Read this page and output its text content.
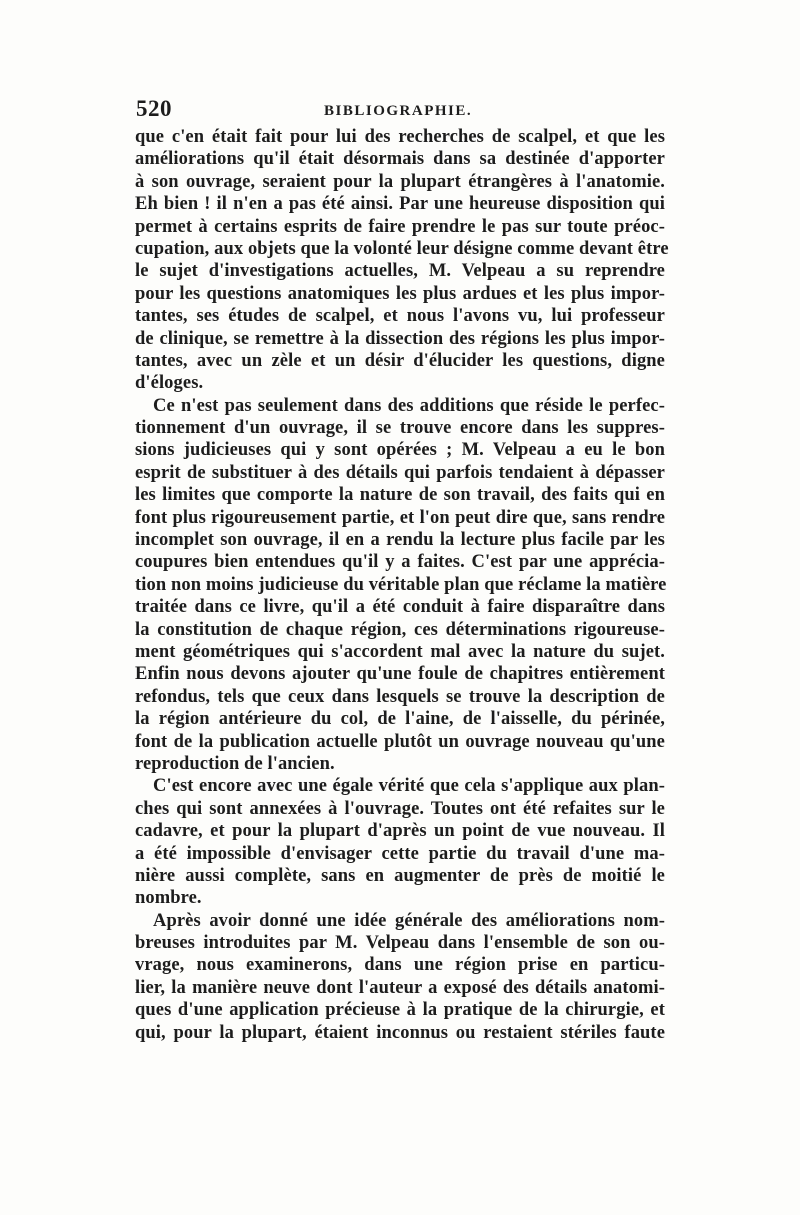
520	BIBLIOGRAPHIE.
que c'en était fait pour lui des recherches de scalpel, et que les
améliorations qu'il était désormais dans sa destinée d'apporter
à son ouvrage, seraient pour la plupart étrangères à l'anatomie.
Eh bien ! il n'en a pas été ainsi. Par une heureuse disposition qui
permet à certains esprits de faire prendre le pas sur toute préoc-
cupation, aux objets que la volonté leur désigne comme devant être
le sujet d'investigations actuelles, M. Velpeau a su reprendre
pour les questions anatomiques les plus ardues et les plus impor-
tantes, ses études de scalpel, et nous l'avons vu, lui professeur
de clinique, se remettre à la dissection des régions les plus impor-
tantes, avec un zèle et un désir d'élucider les questions, digne
d'éloges.
Ce n'est pas seulement dans des additions que réside le perfec-
tionnement d'un ouvrage, il se trouve encore dans les suppres-
sions judicieuses qui y sont opérées ; M. Velpeau a eu le bon
esprit de substituer à des détails qui parfois tendaient à dépasser
les limites que comporte la nature de son travail, des faits qui en
font plus rigoureusement partie, et l'on peut dire que, sans rendre
incomplet son ouvrage, il en a rendu la lecture plus facile par les
coupures bien entendues qu'il y a faites. C'est par une apprécia-
tion non moins judicieuse du véritable plan que réclame la matière
traitée dans ce livre, qu'il a été conduit à faire disparaître dans
la constitution de chaque région, ces déterminations rigoureuse-
ment géométriques qui s'accordent mal avec la nature du sujet.
Enfin nous devons ajouter qu'une foule de chapitres entièrement
refondus, tels que ceux dans lesquels se trouve la description de
la région antérieure du col, de l'aine, de l'aisselle, du périnée,
font de la publication actuelle plutôt un ouvrage nouveau qu'une
reproduction de l'ancien.
C'est encore avec une égale vérité que cela s'applique aux plan-
ches qui sont annexées à l'ouvrage. Toutes ont été refaites sur le
cadavre, et pour la plupart d'après un point de vue nouveau. Il
a été impossible d'envisager cette partie du travail d'une ma-
nière aussi complète, sans en augmenter de près de moitié le
nombre.
Après avoir donné une idée générale des améliorations nom-
breuses introduites par M. Velpeau dans l'ensemble de son ou-
vrage, nous examinerons, dans une région prise en particu-
lier, la manière neuve dont l'auteur a exposé des détails anatomi-
ques d'une application précieuse à la pratique de la chirurgie, et
qui, pour la plupart, étaient inconnus ou restaient stériles faute
